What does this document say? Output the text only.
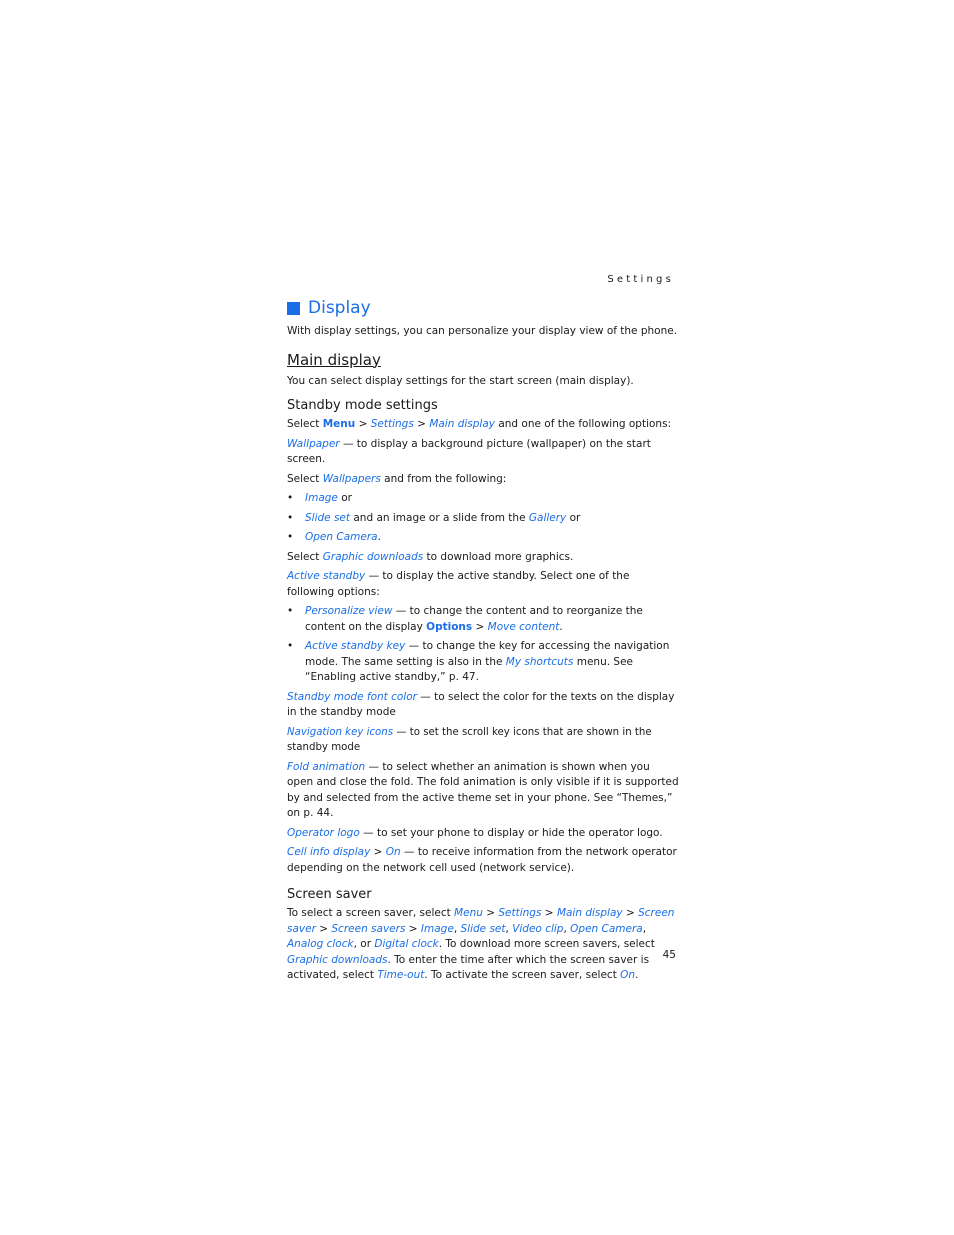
Settings
Display

With display settings, you can personalize your display view of the phone.

Main display

You can select display settings for the start screen (main display).

Standby mode settings

Select Menu > Settings > Main display and one of the following options:

Wallpaper — to display a background picture (wallpaper) on the start screen.

Select Wallpapers and from the following:

• Image or
• Slide set and an image or a slide from the Gallery or
• Open Camera.

Select Graphic downloads to download more graphics.

Active standby — to display the active standby. Select one of the following options:

• Personalize view — to change the content and to reorganize the content on the display Options > Move content.
• Active standby key — to change the key for accessing the navigation mode. The same setting is also in the My shortcuts menu. See “Enabling active standby,” p. 47.

Standby mode font color — to select the color for the texts on the display in the standby mode

Navigation key icons — to set the scroll key icons that are shown in the standby mode

Fold animation — to select whether an animation is shown when you open and close the fold. The fold animation is only visible if it is supported by and selected from the active theme set in your phone. See “Themes,” on p. 44.

Operator logo — to set your phone to display or hide the operator logo.

Cell info display > On — to receive information from the network operator depending on the network cell used (network service).

Screen saver

To select a screen saver, select Menu > Settings > Main display > Screen saver > Screen savers > Image, Slide set, Video clip, Open Camera, Analog clock, or Digital clock. To download more screen savers, select Graphic downloads. To enter the time after which the screen saver is activated, select Time-out. To activate the screen saver, select On.

45
